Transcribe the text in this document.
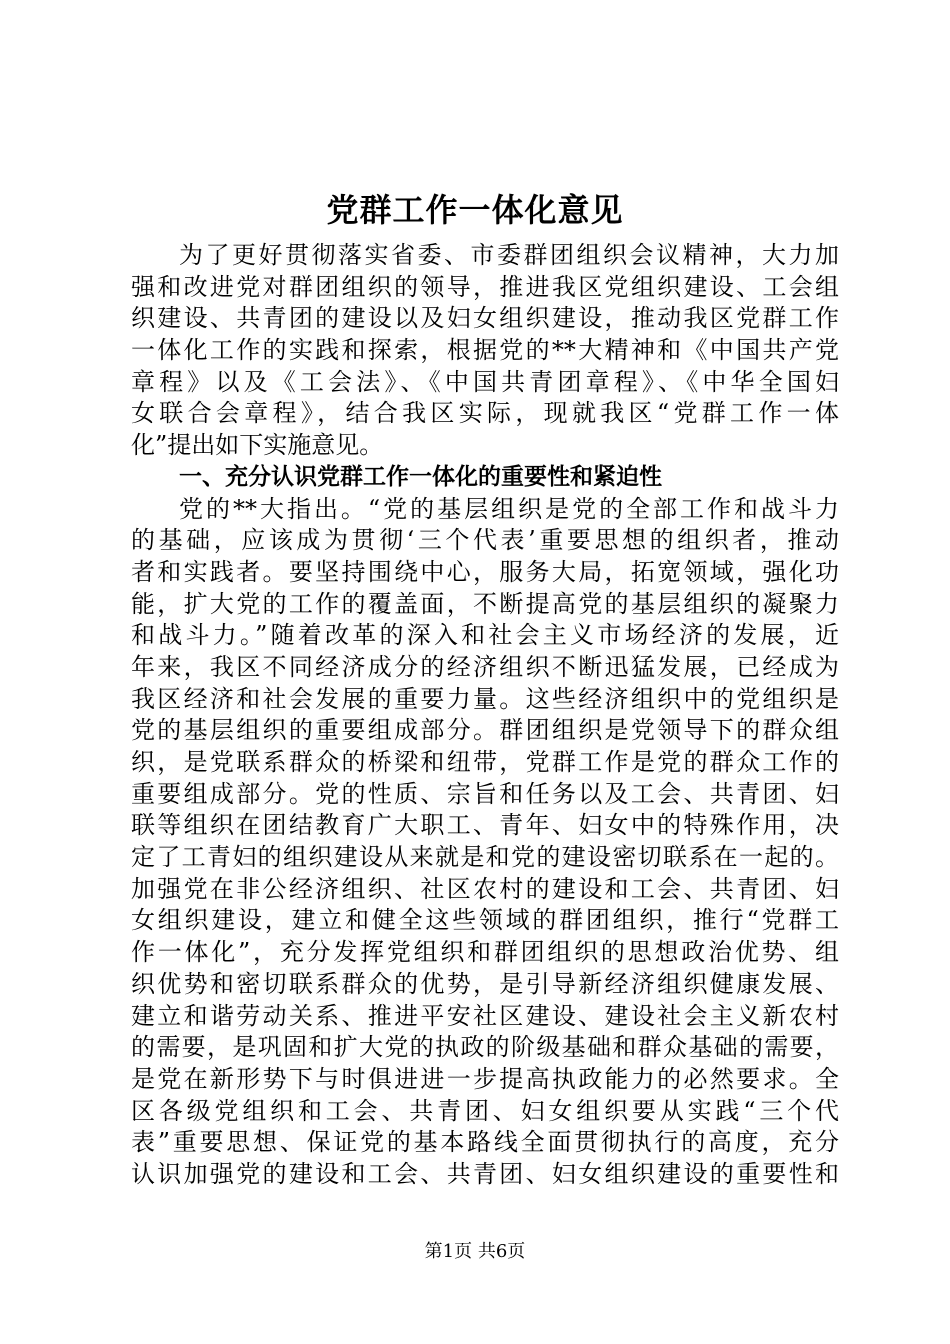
党群工作一体化意见
为了更好贯彻落实省委、市委群团组织会议精神，大力加
强和改进党对群团组织的领导，推进我区党组织建设、工会组
织建设、共青团的建设以及妇女组织建设，推动我区党群工作
一体化工作的实践和探索，根据党的**大精神和《中国共产党
章程》以及《工会法》、《中国共青团章程》、《中华全国妇
女联合会章程》，结合我区实际，现就我区“党群工作一体
化”提出如下实施意见。
一、充分认识党群工作一体化的重要性和紧迫性
党的**大指出。“党的基层组织是党的全部工作和战斗力
的基础，应该成为贯彻‘三个代表’重要思想的组织者，推动
者和实践者。要坚持围绕中心，服务大局，拓宽领域，强化功
能，扩大党的工作的覆盖面，不断提高党的基层组织的凝聚力
和战斗力。”随着改革的深入和社会主义市场经济的发展，近
年来，我区不同经济成分的经济组织不断迅猛发展，已经成为
我区经济和社会发展的重要力量。这些经济组织中的党组织是
党的基层组织的重要组成部分。群团组织是党领导下的群众组
织，是党联系群众的桥梁和纽带，党群工作是党的群众工作的
重要组成部分。党的性质、宗旨和任务以及工会、共青团、妇
联等组织在团结教育广大职工、青年、妇女中的特殊作用，决
定了工青妇的组织建设从来就是和党的建设密切联系在一起的。
加强党在非公经济组织、社区农村的建设和工会、共青团、妇
女组织建设，建立和健全这些领域的群团组织，推行“党群工
作一体化”，充分发挥党组织和群团组织的思想政治优势、组
织优势和密切联系群众的优势，是引导新经济组织健康发展、
建立和谐劳动关系、推进平安社区建设、建设社会主义新农村
的需要，是巩固和扩大党的执政的阶级基础和群众基础的需要，
是党在新形势下与时俱进进一步提高执政能力的必然要求。全
区各级党组织和工会、共青团、妇女组织要从实践“三个代
表”重要思想、保证党的基本路线全面贯彻执行的高度，充分
认识加强党的建设和工会、共青团、妇女组织建设的重要性和
第1页 共6页
